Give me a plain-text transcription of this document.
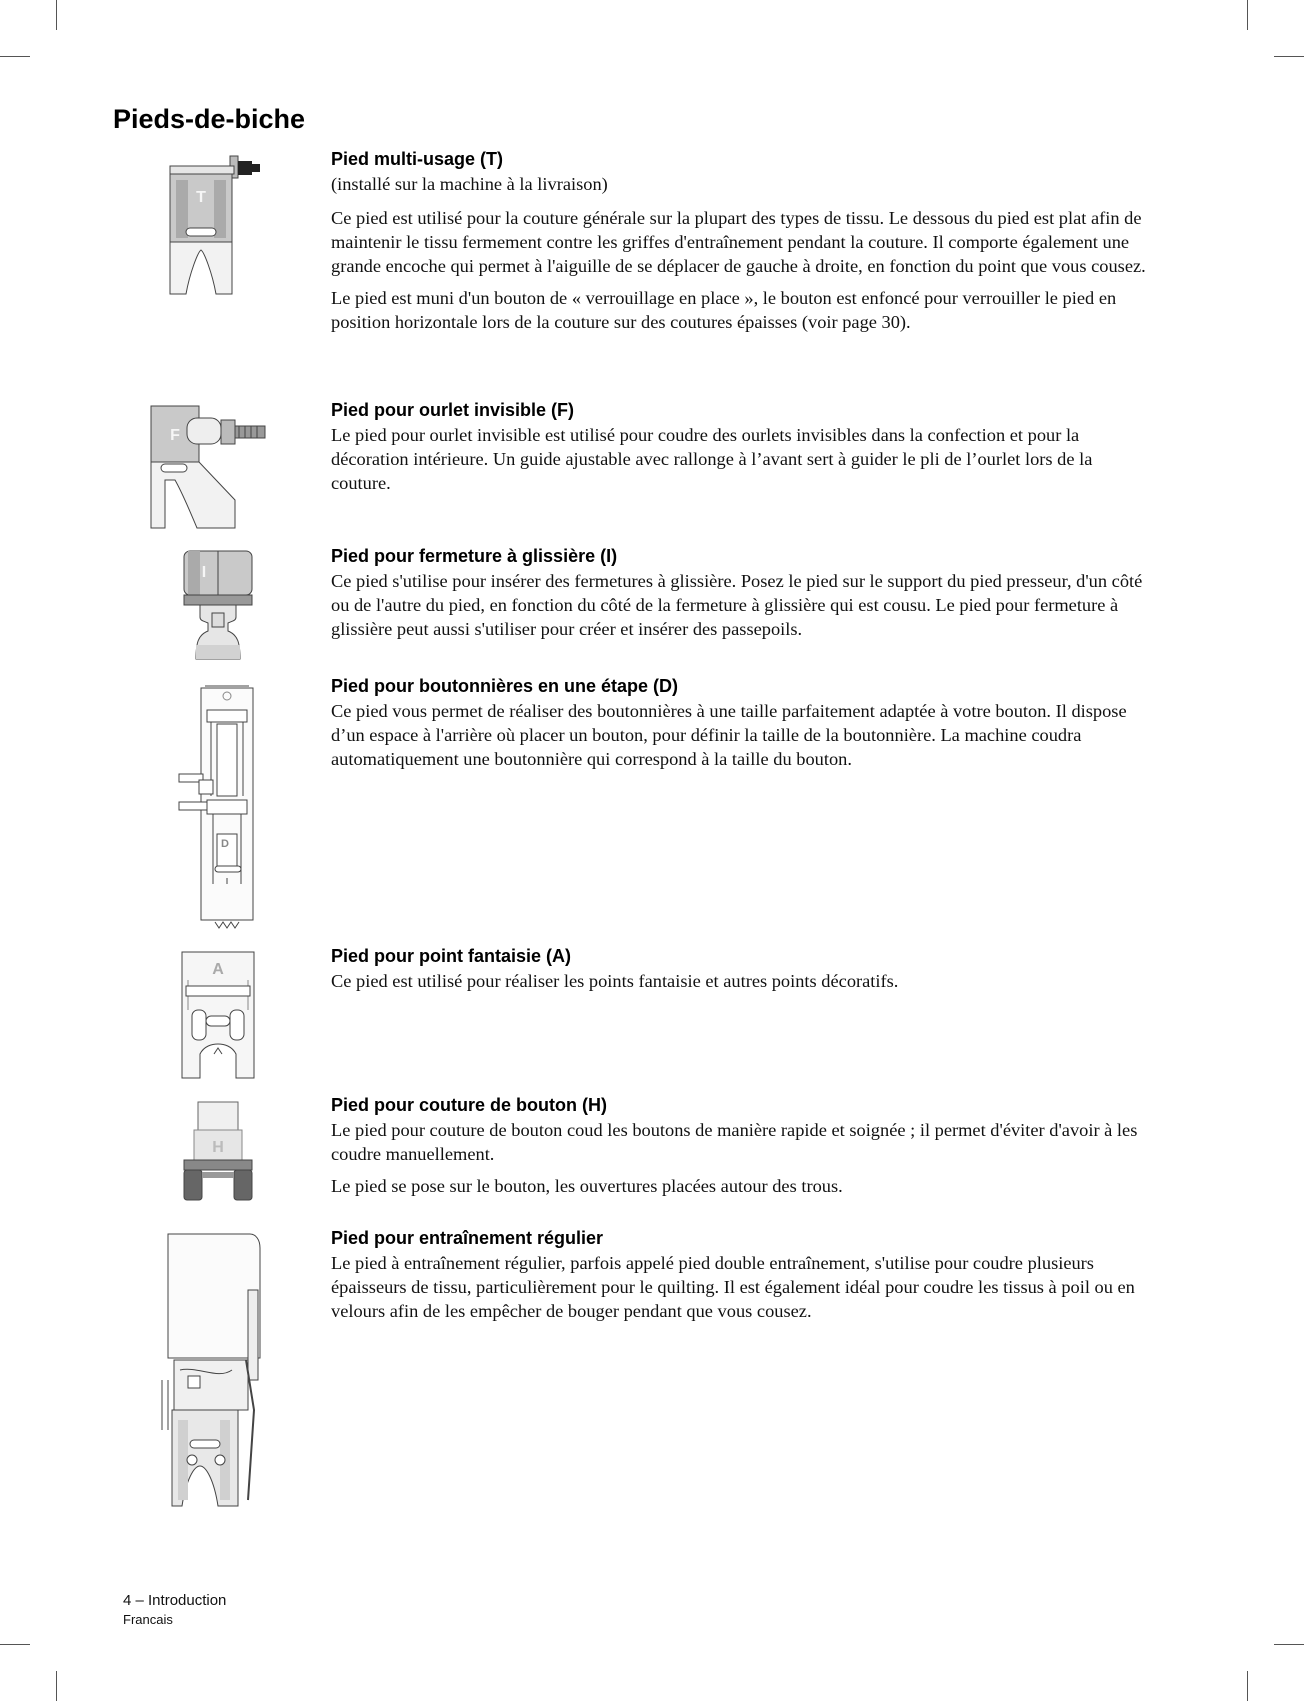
Pieds-de-biche
T
F
I
D
A
H
Pied multi-usage (T)

(installé sur la machine à la livraison)

Ce pied est utilisé pour la couture générale sur la plupart des types de tissu. Le dessous du pied est plat afin de maintenir le tissu fermement contre les griffes d'entraînement pendant la couture. Il comporte également une grande encoche qui permet à l'aiguille de se déplacer de gauche à droite, en fonction du point que vous cousez.

Le pied est muni d'un bouton de « verrouillage en place », le bouton est enfoncé pour verrouiller le pied en position horizontale lors de la couture sur des coutures épaisses (voir page 30).

Pied pour ourlet invisible (F)

Le pied pour ourlet invisible est utilisé pour coudre des ourlets invisibles dans la confection et pour la décoration intérieure. Un guide ajustable avec rallonge à l’avant sert à guider le pli de l’ourlet lors de la couture.

Pied pour fermeture à glissière (I)

Ce pied s'utilise pour insérer des fermetures à glissière. Posez le pied sur le support du pied presseur, d'un côté ou de l'autre du pied, en fonction du côté de la fermeture à glissière qui est cousu. Le pied pour fermeture à glissière peut aussi s'utiliser pour créer et insérer des passepoils.

Pied pour boutonnières en une étape (D)

Ce pied vous permet de réaliser des boutonnières à une taille parfaitement adaptée à votre bouton. Il dispose d’un espace à l'arrière où placer un bouton, pour définir la taille de la boutonnière. La machine coudra automatiquement une boutonnière qui correspond à la taille du bouton.

Pied pour point fantaisie (A)

Ce pied est utilisé pour réaliser les points fantaisie et autres points décoratifs.

Pied pour couture de bouton (H)

Le pied pour couture de bouton coud les boutons de manière rapide et soignée ; il permet d'éviter d'avoir à les coudre manuellement.

Le pied se pose sur le bouton, les ouvertures placées autour des trous.

Pied pour entraînement régulier

Le pied à entraînement régulier, parfois appelé pied double entraînement, s'utilise pour coudre plusieurs épaisseurs de tissu, particulièrement pour le quilting. Il est également idéal pour coudre les tissus à poil ou en velours afin de les empêcher de bouger pendant que vous cousez.

4 – Introduction
Francais
